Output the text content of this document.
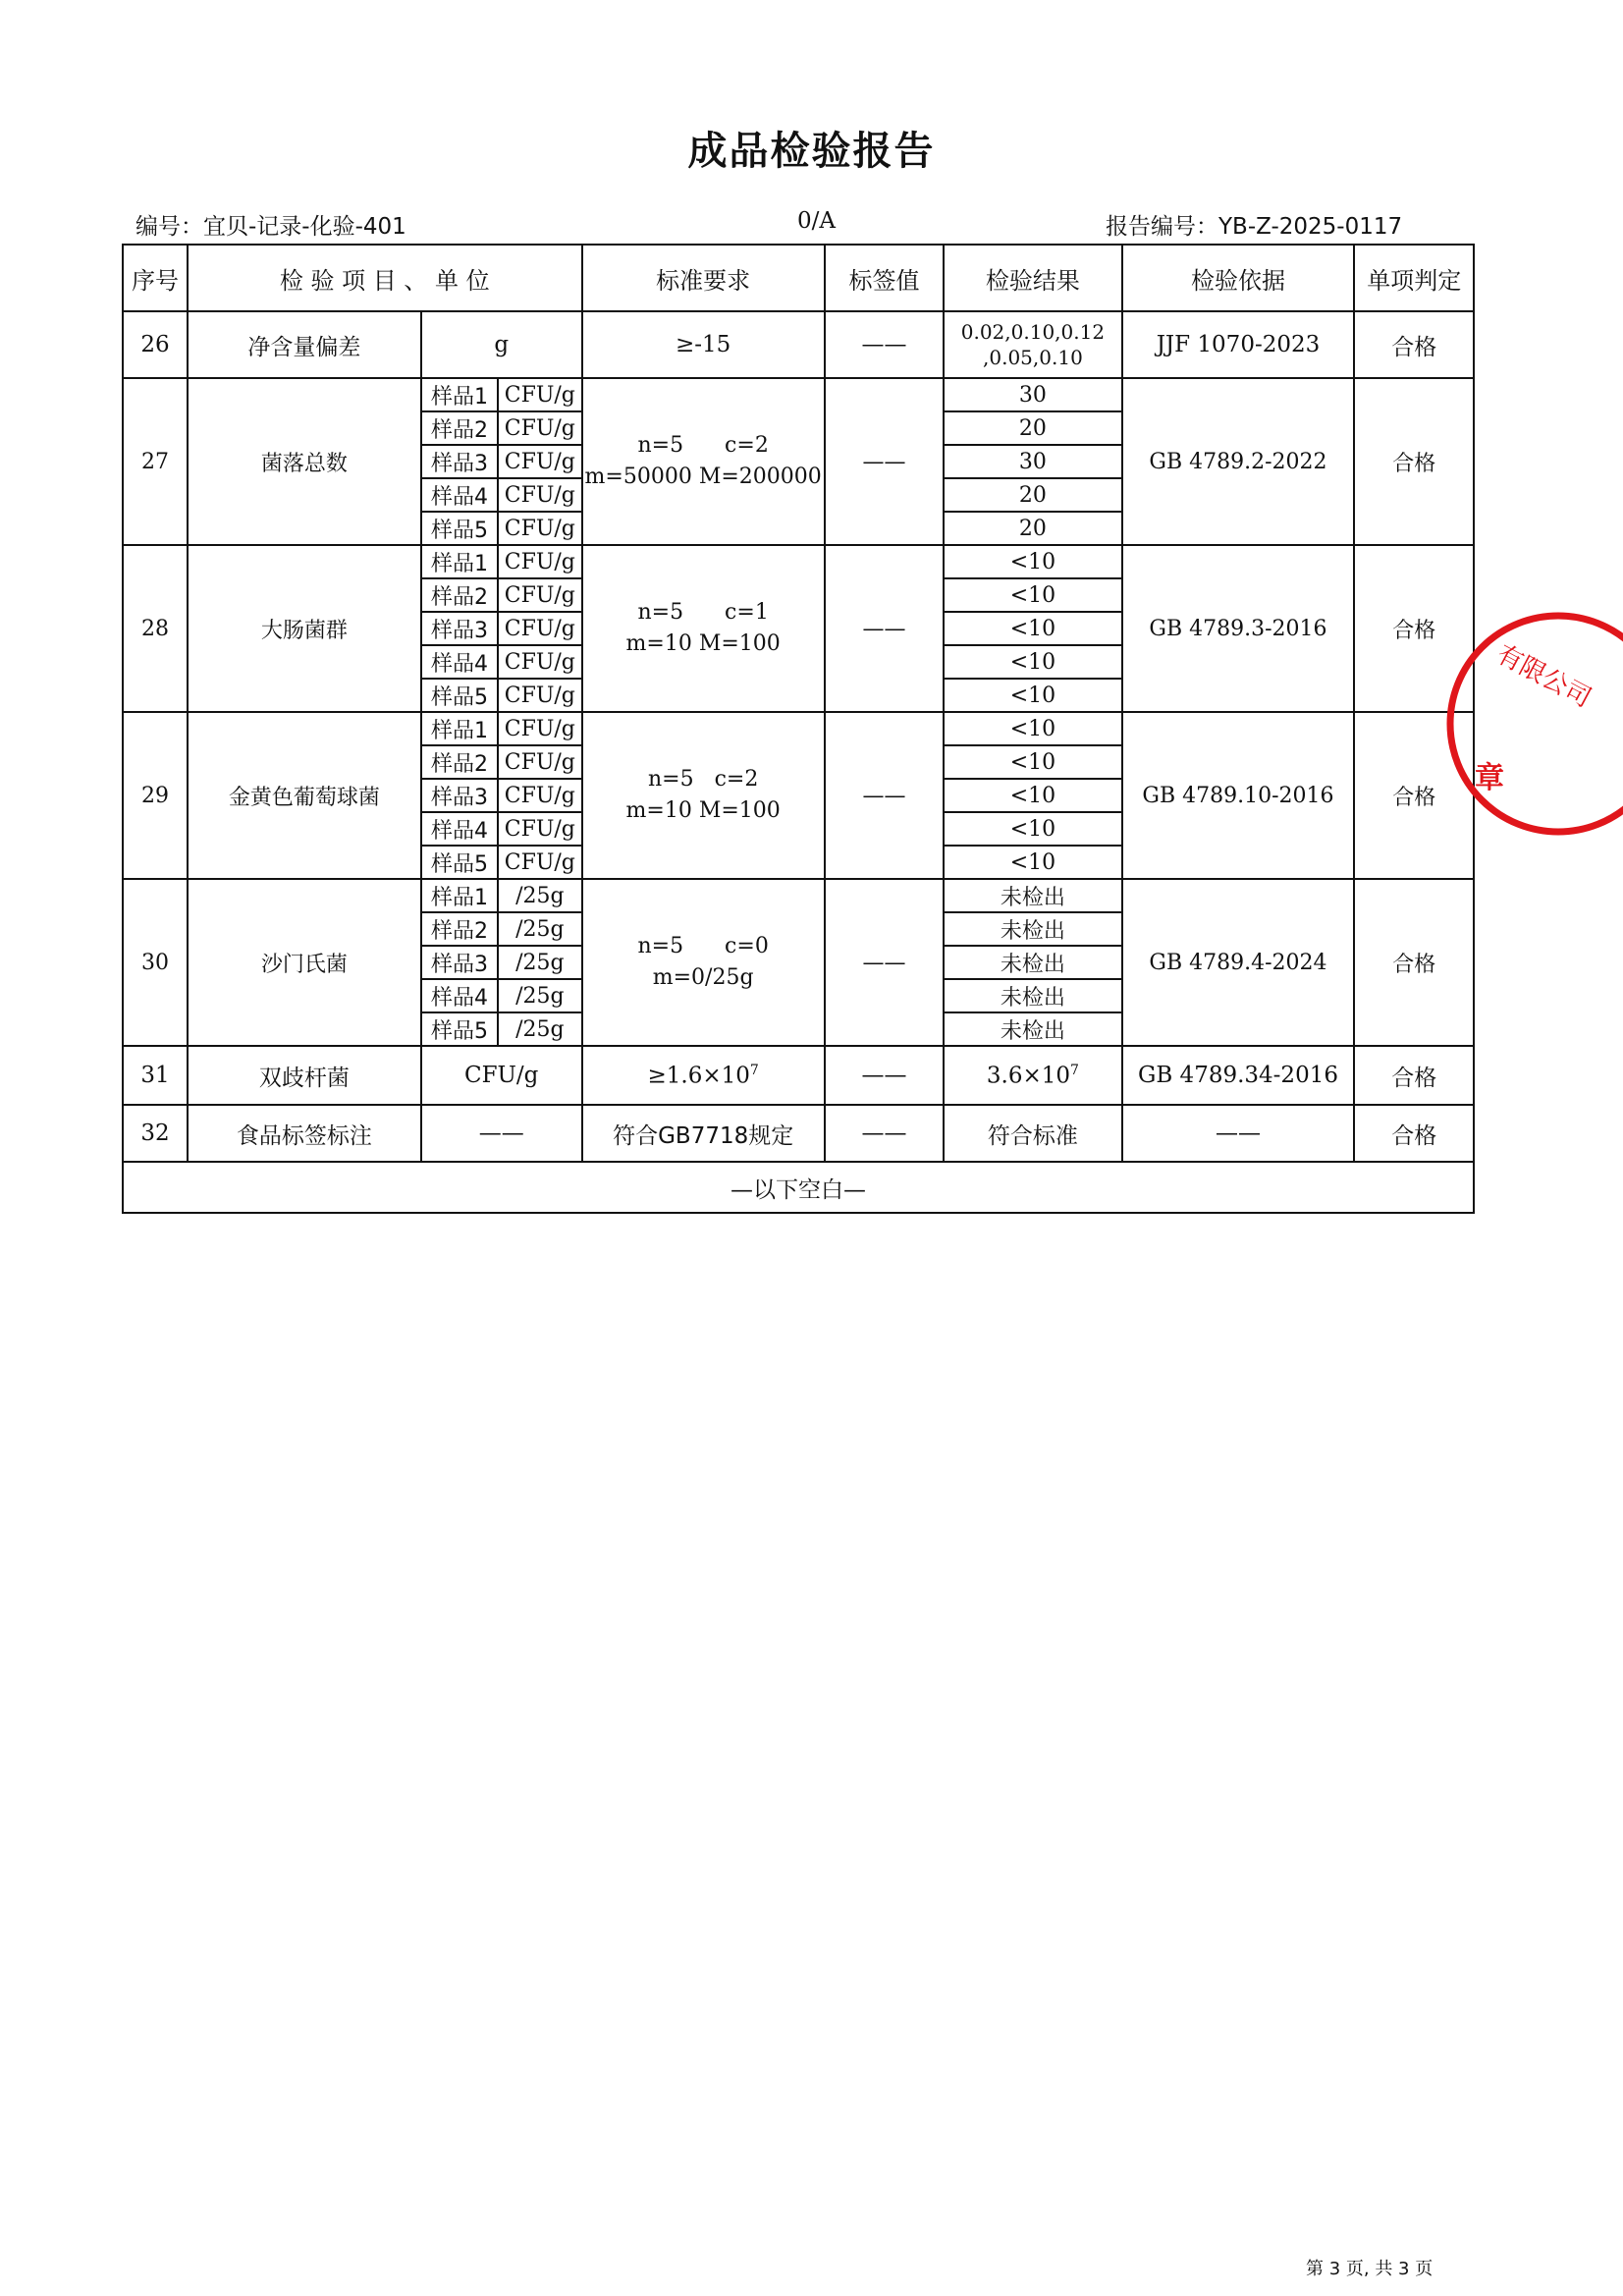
成品检验报告
编号：宜贝-记录-化验-401	0/A	报告编号：YB-Z-2025-0117
序号	检 验 项 目 、 单 位			标准要求	标签值	检验结果	检验依据	单项判定
26	净含量偏差	g		≥-15	——	0.02,0.10,0.12
,0.05,0.10	JJF 1070-2023	合格
27	菌落总数	样品1	CFU/g	n=5      c=2
m=50000 M=200000	——	30	GB 4789.2-2022	合格
		样品2	CFU/g			20		
		样品3	CFU/g			30		
		样品4	CFU/g			20		
		样品5	CFU/g			20		
28	大肠菌群	样品1	CFU/g	n=5      c=1
m=10 M=100	——	<10	GB 4789.3-2016	合格
		样品2	CFU/g			<10		
		样品3	CFU/g			<10		
		样品4	CFU/g			<10		
		样品5	CFU/g			<10		
29	金黄色葡萄球菌	样品1	CFU/g	n=5   c=2
m=10 M=100	——	<10	GB 4789.10-2016	合格
		样品2	CFU/g			<10		
		样品3	CFU/g			<10		
		样品4	CFU/g			<10		
		样品5	CFU/g			<10		
30	沙门氏菌	样品1	/25g	n=5      c=0
m=0/25g	——	未检出	GB 4789.4-2024	合格
		样品2	/25g			未检出		
		样品3	/25g			未检出		
		样品4	/25g			未检出		
		样品5	/25g			未检出		
31	双歧杆菌	CFU/g		$\ge 1.6\times 10^7$	——	$3.6\times 10^7$	GB 4789.34-2016	合格
32	食品标签标注	——		符合GB7718规定	——	符合标准	——	合格
—以下空白—								
有限公司
章
第 3 页, 共 3 页
